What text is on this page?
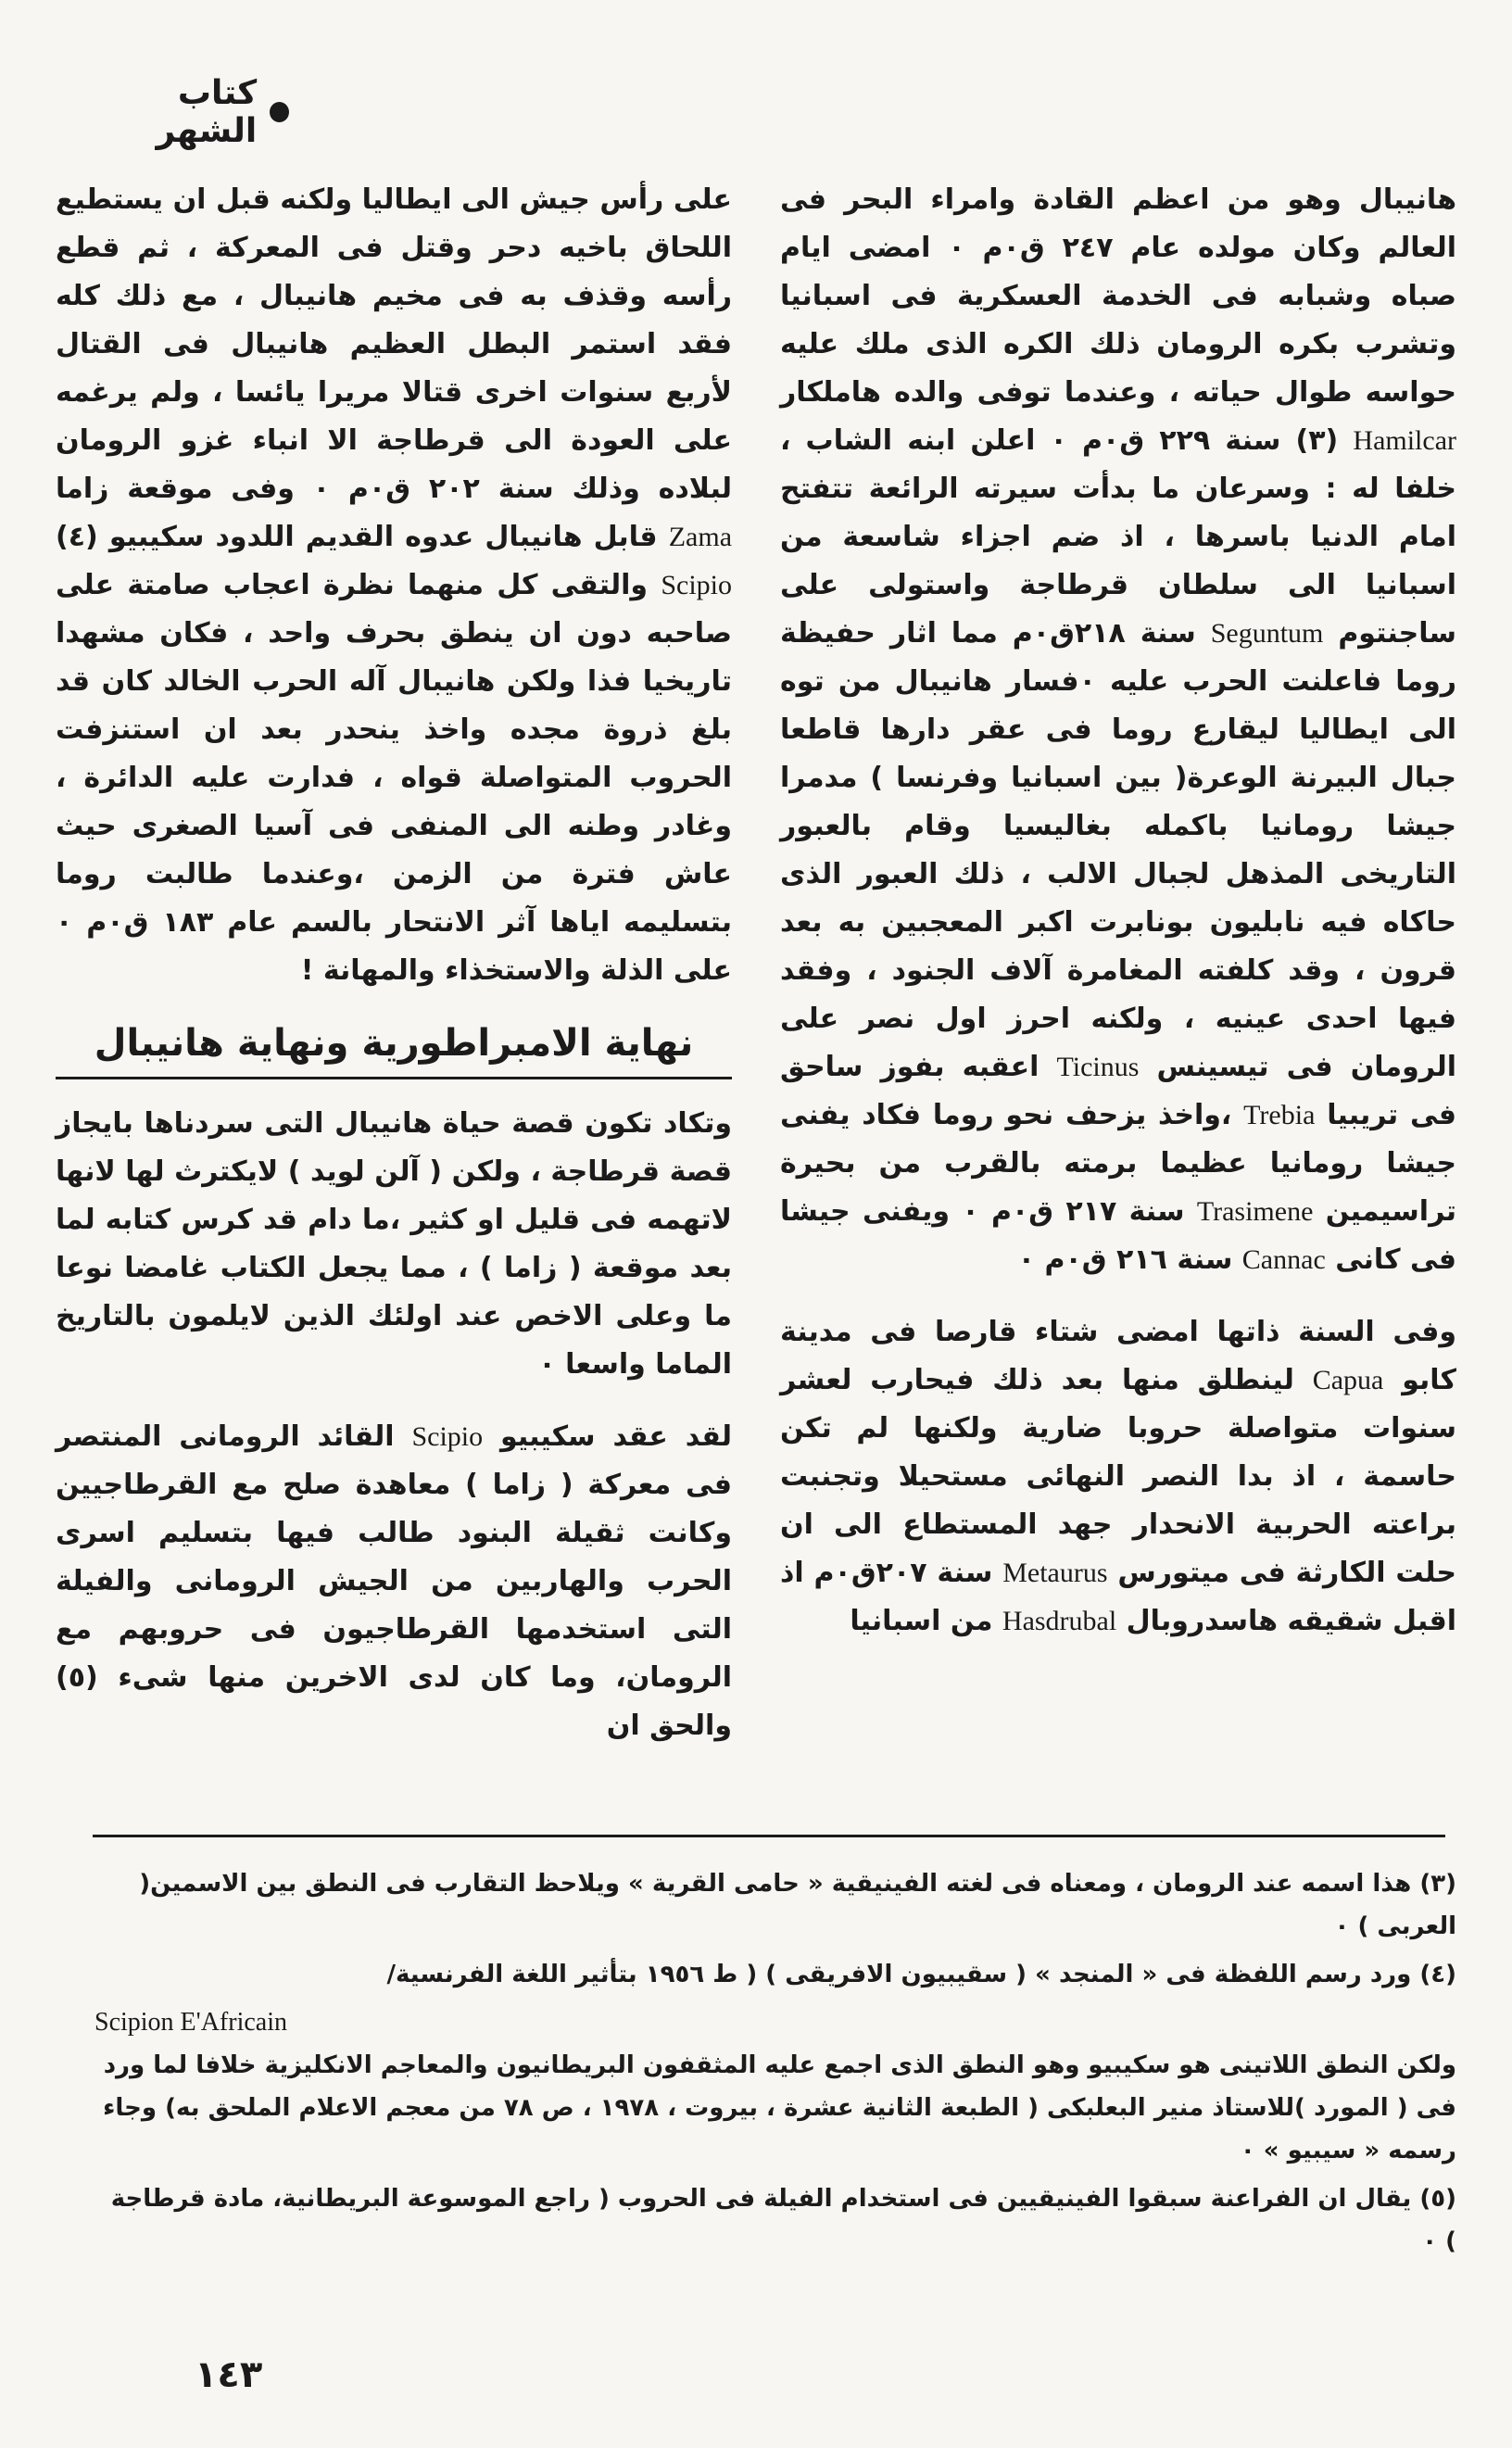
كتاب الشهر

هانيبال وهو من اعظم القادة وامراء البحر فى العالم وكان مولده عام ٢٤٧ ق٠م ٠ امضى ايام صباه وشبابه فى الخدمة العسكرية فى اسبانيا وتشرب بكره الرومان ذلك الكره الذى ملك عليه حواسه طوال حياته ، وعندما توفى والده هاملكار Hamilcar (٣) سنة ٢٢٩ ق٠م ٠ اعلن ابنه الشاب ، خلفا له : وسرعان ما بدأت سيرته الرائعة تتفتح امام الدنيا باسرها ، اذ ضم اجزاء شاسعة من اسبانيا الى سلطان قرطاجة واستولى على ساجنتوم Seguntum سنة ٢١٨ق٠م مما اثار حفيظة روما فاعلنت الحرب عليه ٠فسار هانيبال من توه الى ايطاليا ليقارع روما فى عقر دارها قاطعا جبال البيرنة الوعرة( بين اسبانيا وفرنسا ) مدمرا جيشا رومانيا باكمله بغاليسيا وقام بالعبور التاريخى المذهل لجبال الالب ، ذلك العبور الذى حاكاه فيه نابليون بونابرت اكبر المعجبين به بعد قرون ، وقد كلفته المغامرة آلاف الجنود ، وفقد فيها احدى عينيه ، ولكنه احرز اول نصر على الرومان فى تيسينس Ticinus اعقبه بفوز ساحق فى تريبيا Trebia ،واخذ يزحف نحو روما فكاد يفنى جيشا رومانيا عظيما برمته بالقرب من بحيرة تراسيمين Trasimene سنة ٢١٧ ق٠م ٠ ويفنى جيشا فى كانى Cannac سنة ٢١٦ ق٠م ٠

وفى السنة ذاتها امضى شتاء قارصا فى مدينة كابو Capua لينطلق منها بعد ذلك فيحارب لعشر سنوات متواصلة حروبا ضارية ولكنها لم تكن حاسمة ، اذ بدا النصر النهائى مستحيلا وتجنبت براعته الحربية الانحدار جهد المستطاع الى ان حلت الكارثة فى ميتورس Metaurus سنة ٢٠٧ق٠م اذ اقبل شقيقه هاسدروبال Hasdrubal من اسبانيا

على رأس جيش الى ايطاليا ولكنه قبل ان يستطيع اللحاق باخيه دحر وقتل فى المعركة ، ثم قطع رأسه وقذف به فى مخيم هانيبال ، مع ذلك كله فقد استمر البطل العظيم هانيبال فى القتال لأربع سنوات اخرى قتالا مريرا يائسا ، ولم يرغمه على العودة الى قرطاجة الا انباء غزو الرومان لبلاده وذلك سنة ٢٠٢ ق٠م ٠ وفى موقعة زاما Zama قابل هانيبال عدوه القديم اللدود سكيبيو (٤) Scipio والتقى كل منهما نظرة اعجاب صامتة على صاحبه دون ان ينطق بحرف واحد ، فكان مشهدا تاريخيا فذا ولكن هانيبال آله الحرب الخالد كان قد بلغ ذروة مجده واخذ ينحدر بعد ان استنزفت الحروب المتواصلة قواه ، فدارت عليه الدائرة ، وغادر وطنه الى المنفى فى آسيا الصغرى حيث عاش فترة من الزمن ،وعندما طالبت روما بتسليمه اياها آثر الانتحار بالسم عام ١٨٣ ق٠م ٠ على الذلة والاستخذاء والمهانة !

نهاية الامبراطورية ونهاية هانيبال

وتكاد تكون قصة حياة هانيبال التى سردناها بايجاز قصة قرطاجة ، ولكن ( آلن لويد ) لايكترث لها لانها لاتهمه فى قليل او كثير ،ما دام قد كرس كتابه لما بعد موقعة ( زاما ) ، مما يجعل الكتاب غامضا نوعا ما وعلى الاخص عند اولئك الذين لايلمون بالتاريخ الماما واسعا ٠

لقد عقد سكيبيو Scipio القائد الرومانى المنتصر فى معركة ( زاما ) معاهدة صلح مع القرطاجيين وكانت ثقيلة البنود طالب فيها بتسليم اسرى الحرب والهاربين من الجيش الرومانى والفيلة التى استخدمها القرطاجيون فى حروبهم مع الرومان، وما كان لدى الاخرين منها شىء (٥) والحق ان

(٣) هذا اسمه عند الرومان ، ومعناه فى لغته الفينيقية « حامى القرية » ويلاحظ التقارب فى النطق بين الاسمين( العربى ) ٠

(٤) ورد رسم اللفظة فى « المنجد » ( سقيبيون الافريقى ) ( ط ١٩٥٦ بتأثير اللغة الفرنسية/

Scipion E'Africain

ولكن النطق اللاتينى هو سكيبيو وهو النطق الذى اجمع عليه المثقفون البريطانيون والمعاجم الانكليزية خلافا لما ورد فى ( المورد )للاستاذ منير البعلبكى ( الطبعة الثانية عشرة ، بيروت ، ١٩٧٨ ، ص ٧٨ من معجم الاعلام الملحق به) وجاء رسمه « سيبيو » ٠

(٥) يقال ان الفراعنة سبقوا الفينيقيين فى استخدام الفيلة فى الحروب ( راجع الموسوعة البريطانية، مادة قرطاجة ) ٠

١٤٣
